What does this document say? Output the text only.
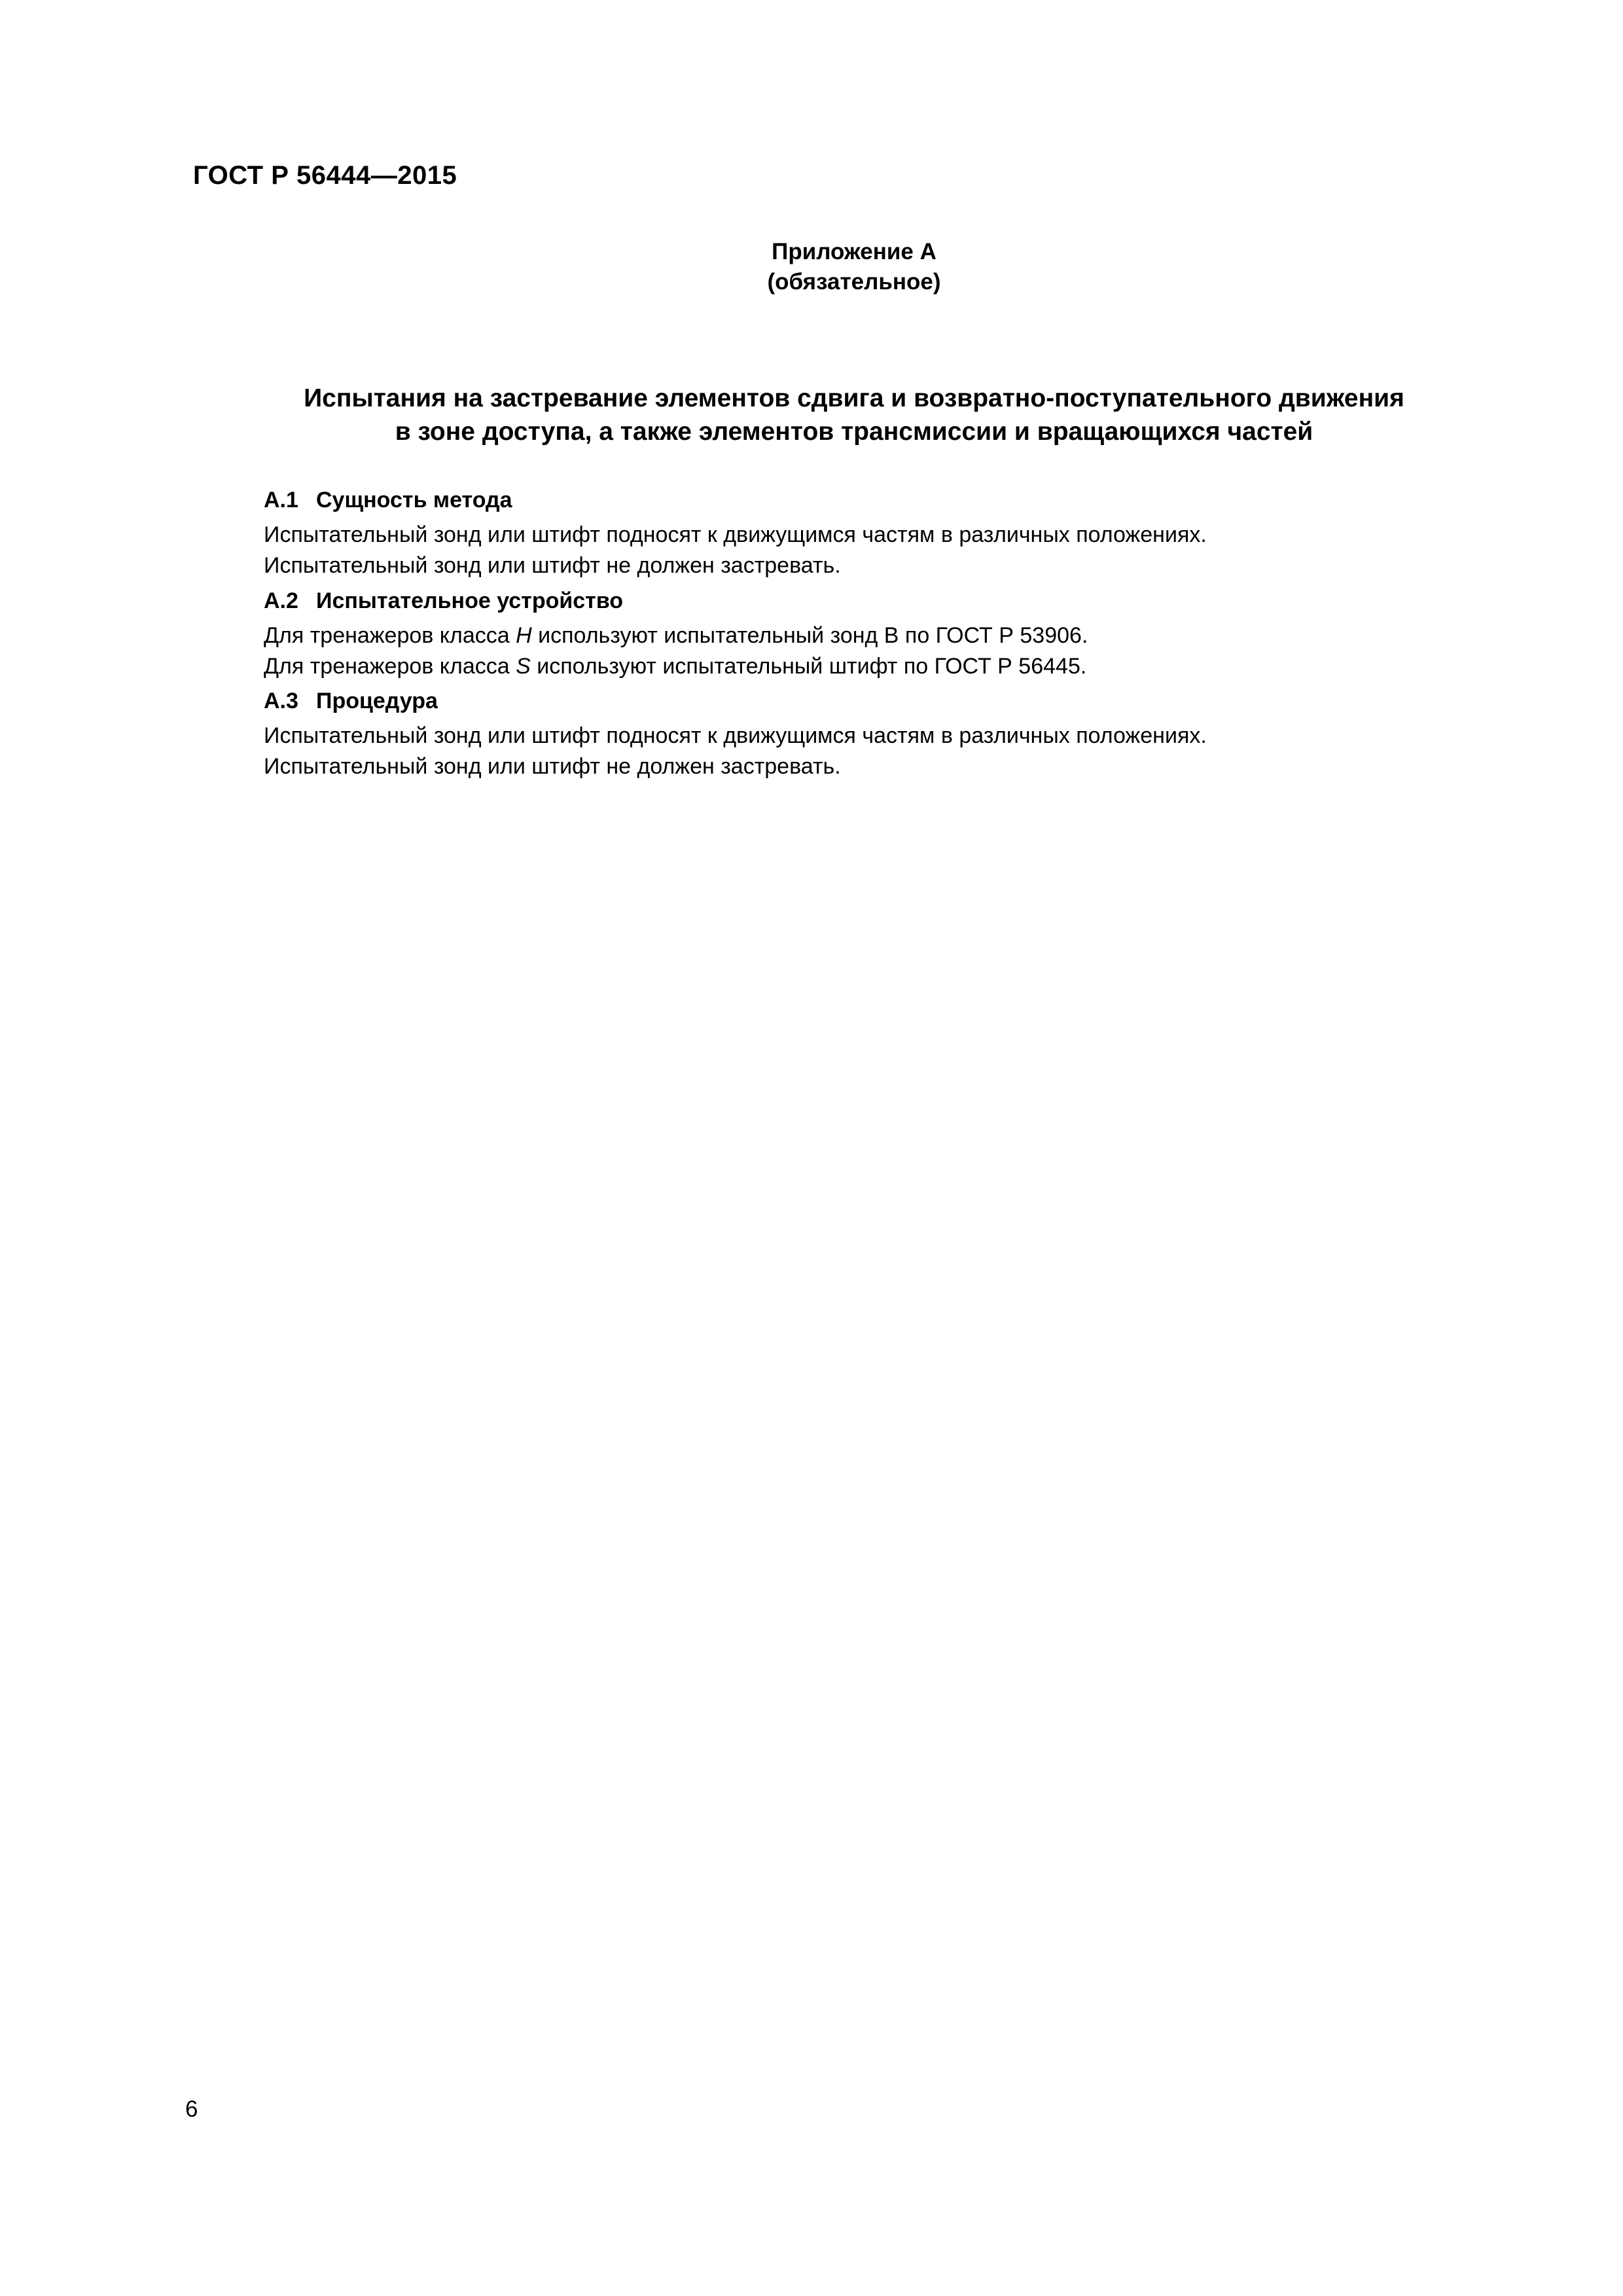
ГОСТ Р 56444—2015
Приложение А
(обязательное)
Испытания на застревание элементов сдвига и возвратно-поступательного движения
в зоне доступа, а также элементов трансмиссии и вращающихся частей
А.1 Сущность метода
Испытательный зонд или штифт подносят к движущимся частям в различных положениях.
Испытательный зонд или штифт не должен застревать.
А.2 Испытательное устройство
Для тренажеров класса H используют испытательный зонд В по ГОСТ Р 53906.
Для тренажеров класса S используют испытательный штифт по ГОСТ Р 56445.
А.3 Процедура
Испытательный зонд или штифт подносят к движущимся частям в различных положениях.
Испытательный зонд или штифт не должен застревать.
6
